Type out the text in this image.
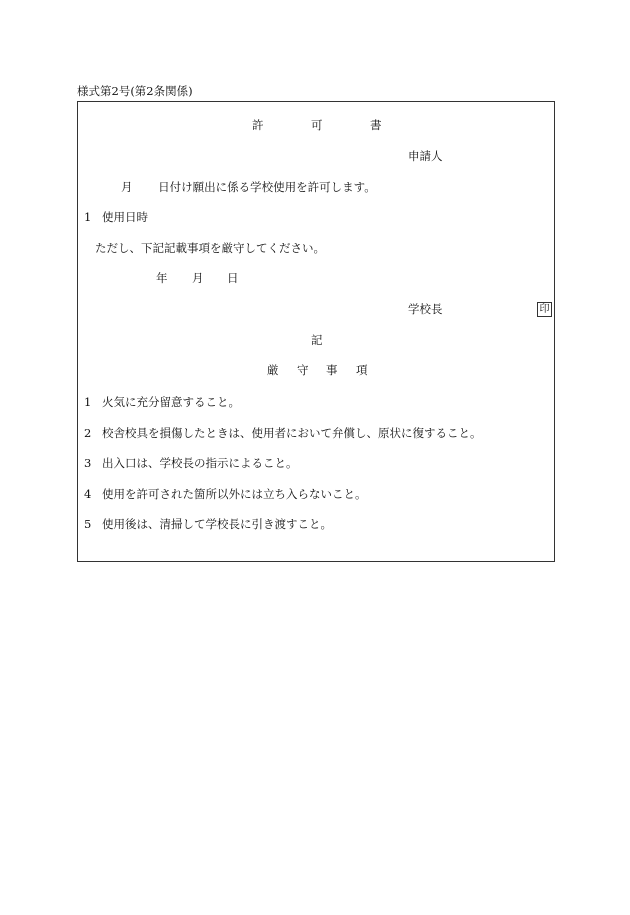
様式第2号(第2条関係)
許	可	書
申請人
月 日付け願出に係る学校使用を許可します。
1 使用日時
ただし、下記記載事項を厳守してください。
年 月 日
学校長	印
記
厳 守 事 項
1 火気に充分留意すること。
2 校舎校具を損傷したときは、使用者において弁償し、原状に復すること。
3 出入口は、学校長の指示によること。
4 使用を許可された箇所以外には立ち入らないこと。
5 使用後は、清掃して学校長に引き渡すこと。
